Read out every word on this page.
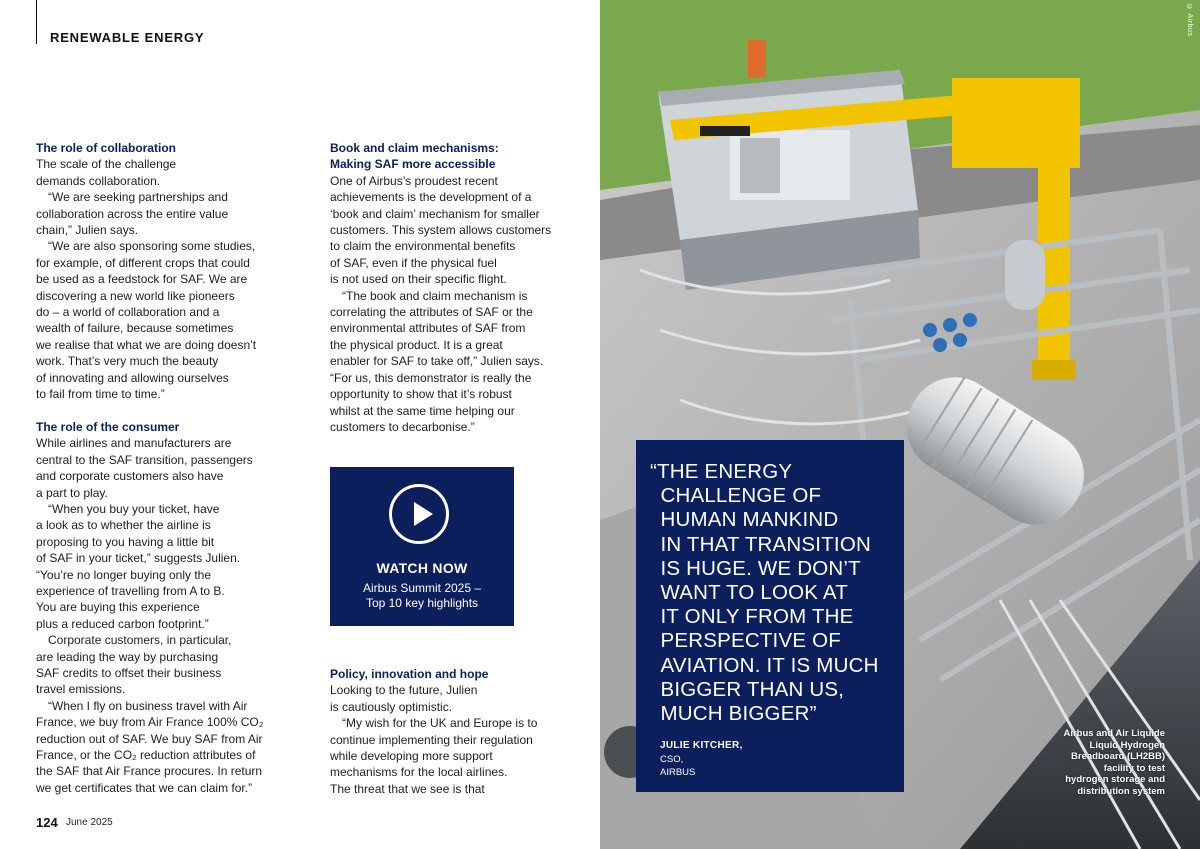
RENEWABLE ENERGY
The role of collaboration
The scale of the challenge
demands collaboration.
 “We are seeking partnerships and
collaboration across the entire value
chain,” Julien says.
 “We are also sponsoring some studies,
for example, of different crops that could
be used as a feedstock for SAF. We are
discovering a new world like pioneers
do – a world of collaboration and a
wealth of failure, because sometimes
we realise that what we are doing doesn’t
work. That’s very much the beauty
of innovating and allowing ourselves
to fail from time to time.”
The role of the consumer
While airlines and manufacturers are
central to the SAF transition, passengers
and corporate customers also have
a part to play.
 “When you buy your ticket, have
a look as to whether the airline is
proposing to you having a little bit
of SAF in your ticket,” suggests Julien.
“You’re no longer buying only the
experience of travelling from A to B.
You are buying this experience
plus a reduced carbon footprint.”
 Corporate customers, in particular,
are leading the way by purchasing
SAF credits to offset their business
travel emissions.
 “When I fly on business travel with Air
France, we buy from Air France 100% CO₂
reduction out of SAF. We buy SAF from Air
France, or the CO₂ reduction attributes of
the SAF that Air France procures. In return
we get certificates that we can claim for.”
Book and claim mechanisms:
Making SAF more accessible
One of Airbus’s proudest recent
achievements is the development of a
‘book and claim’ mechanism for smaller
customers. This system allows customers
to claim the environmental benefits
of SAF, even if the physical fuel
is not used on their specific flight.
 “The book and claim mechanism is
correlating the attributes of SAF or the
environmental attributes of SAF from
the physical product. It is a great
enabler for SAF to take off,” Julien says.
“For us, this demonstrator is really the
opportunity to show that it’s robust
whilst at the same time helping our
customers to decarbonise.”
Policy, innovation and hope
Looking to the future, Julien
is cautiously optimistic.
 “My wish for the UK and Europe is to
continue implementing their regulation
while developing more support
mechanisms for the local airlines.
The threat that we see is that
WATCH NOW
Airbus Summit 2025 –
Top 10 key highlights
124 June 2025
© Airbus
“THE ENERGY
 CHALLENGE OF
 HUMAN MANKIND
 IN THAT TRANSITION
 IS HUGE. WE DON’T
 WANT TO LOOK AT
 IT ONLY FROM THE
 PERSPECTIVE OF
 AVIATION. IT IS MUCH
 BIGGER THAN US,
 MUCH BIGGER”
JULIE KITCHER,
CSO,
AIRBUS
Airbus and Air Liquide
Liquid Hydrogen
Breadboard (LH2BB)
facility to test
hydrogen storage and
distribution system
